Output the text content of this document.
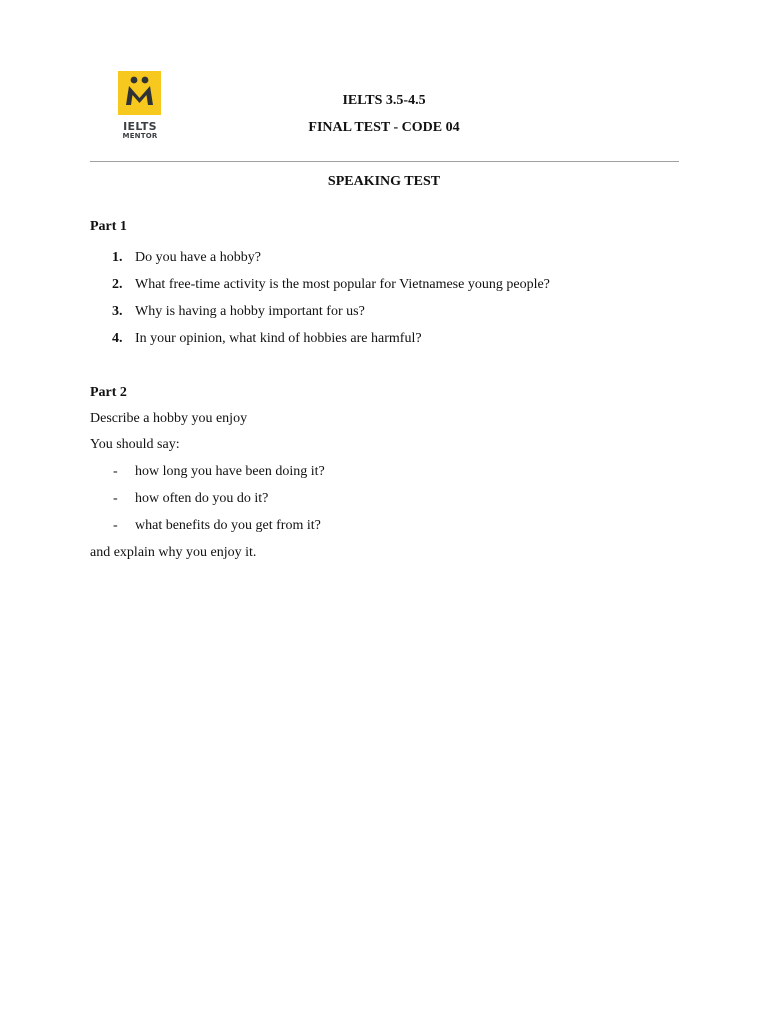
IELTS
MENTOR
IELTS 3.5-4.5
FINAL TEST - CODE 04
SPEAKING TEST
Part 1
1. Do you have a hobby?
2. What free-time activity is the most popular for Vietnamese young people?
3. Why is having a hobby important for us?
4. In your opinion, what kind of hobbies are harmful?
Part 2
Describe a hobby you enjoy
You should say:
- how long you have been doing it?
- how often do you do it?
- what benefits do you get from it?
and explain why you enjoy it.
